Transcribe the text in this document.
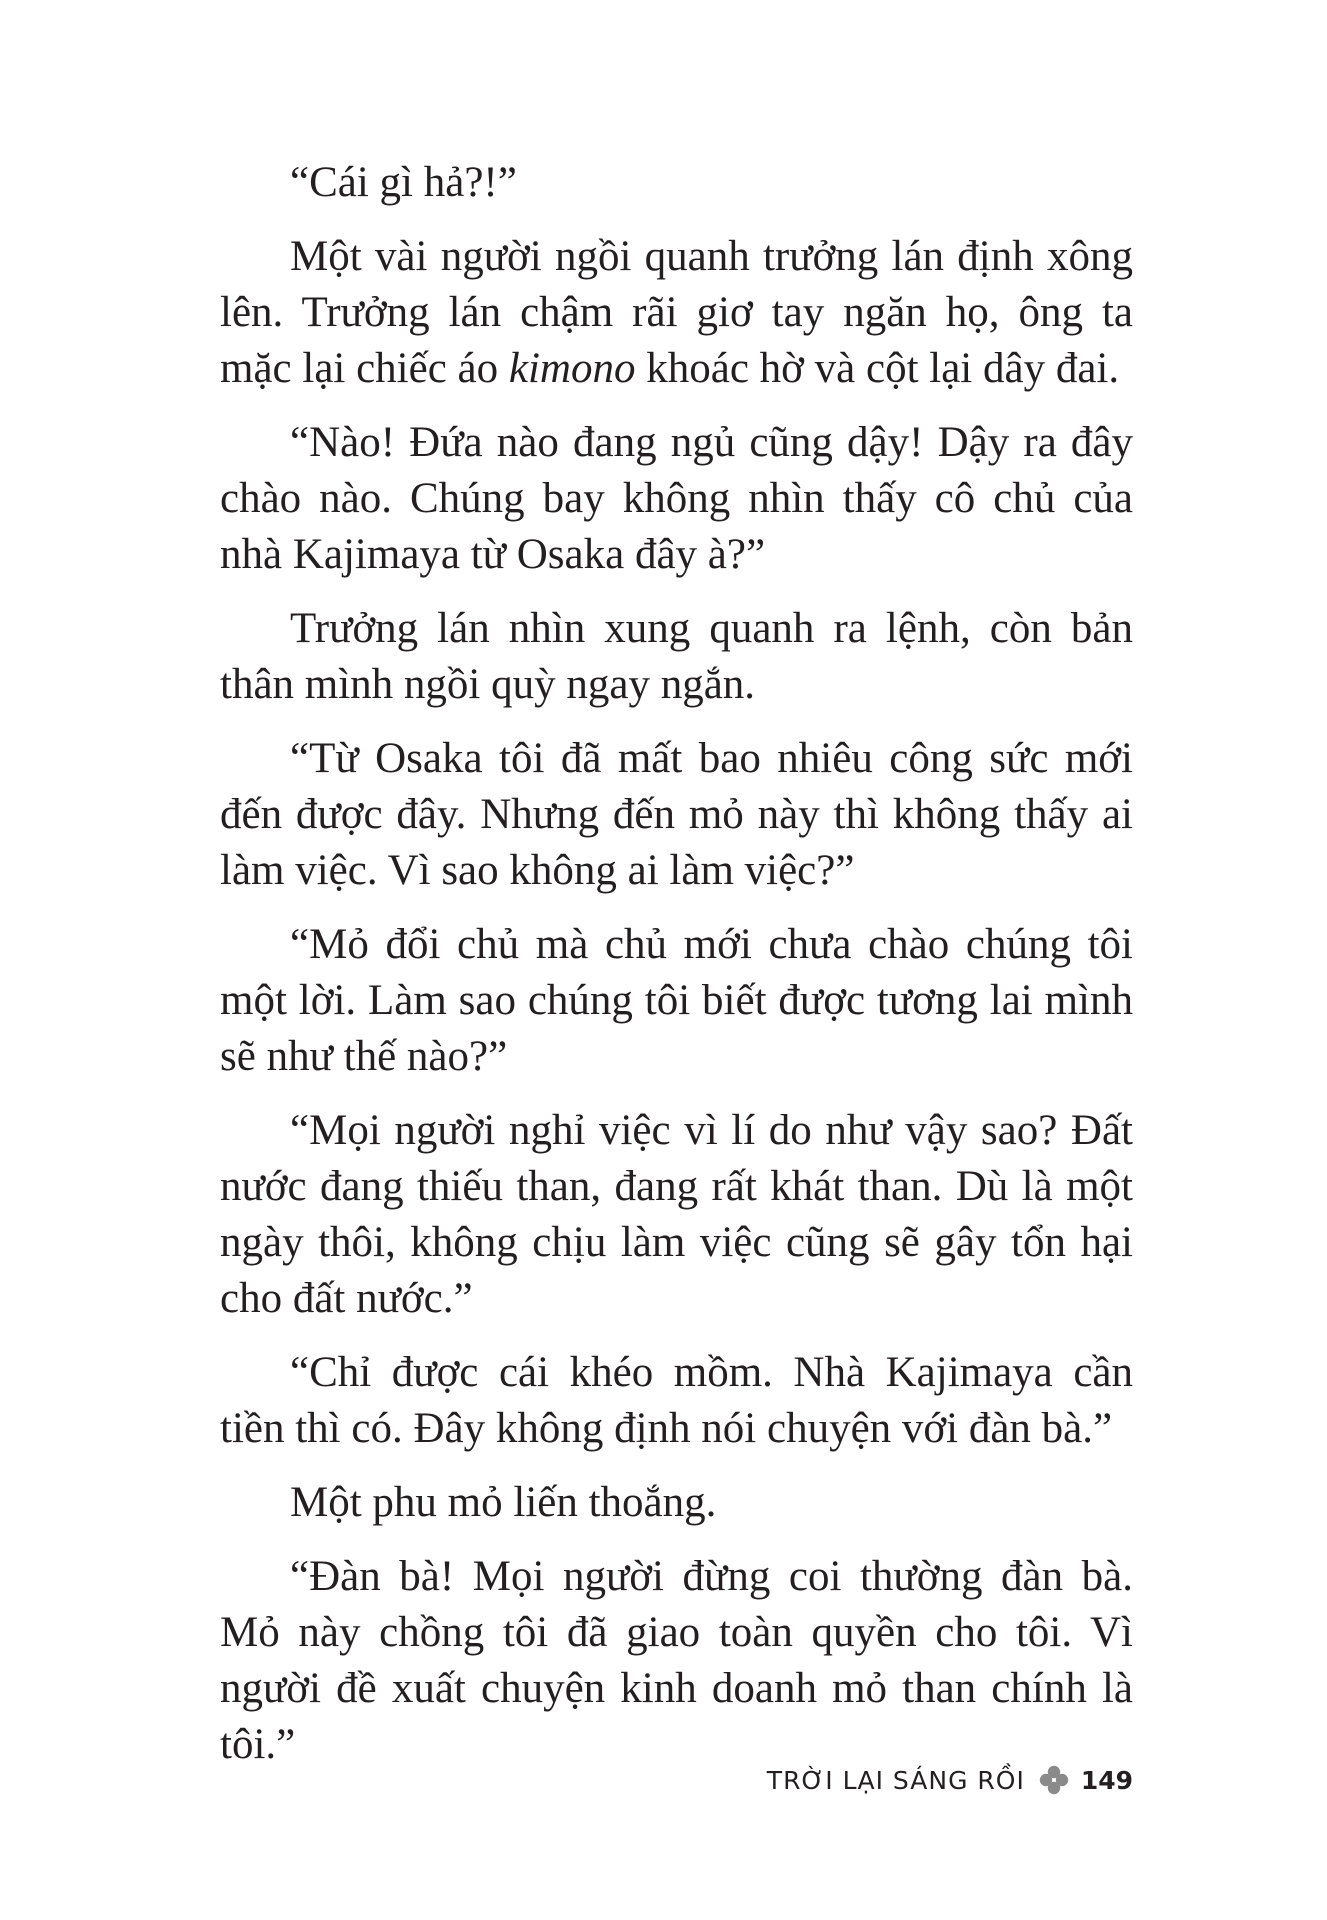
“Cái gì hả?!”

Một vài người ngồi quanh trưởng lán định xông lên. Trưởng lán chậm rãi giơ tay ngăn họ, ông ta mặc lại chiếc áo kimono khoác hờ và cột lại dây đai.

“Nào! Đứa nào đang ngủ cũng dậy! Dậy ra đây chào nào. Chúng bay không nhìn thấy cô chủ của nhà Kajimaya từ Osaka đây à?”

Trưởng lán nhìn xung quanh ra lệnh, còn bản thân mình ngồi quỳ ngay ngắn.

“Từ Osaka tôi đã mất bao nhiêu công sức mới đến được đây. Nhưng đến mỏ này thì không thấy ai làm việc. Vì sao không ai làm việc?”

“Mỏ đổi chủ mà chủ mới chưa chào chúng tôi một lời. Làm sao chúng tôi biết được tương lai mình sẽ như thế nào?”

“Mọi người nghỉ việc vì lí do như vậy sao? Đất nước đang thiếu than, đang rất khát than. Dù là một ngày thôi, không chịu làm việc cũng sẽ gây tổn hại cho đất nước.”

“Chỉ được cái khéo mồm. Nhà Kajimaya cần tiền thì có. Đây không định nói chuyện với đàn bà.”

Một phu mỏ liến thoắng.

“Đàn bà! Mọi người đừng coi thường đàn bà. Mỏ này chồng tôi đã giao toàn quyền cho tôi. Vì người đề xuất chuyện kinh doanh mỏ than chính là tôi.”

TRỜI LẠI SÁNG RỒI 149
